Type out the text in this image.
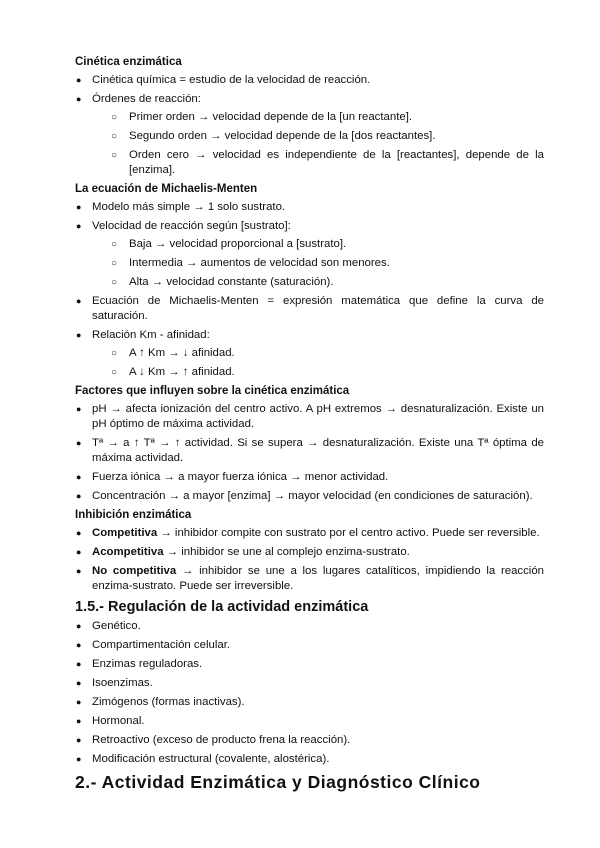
Cinética enzimática

● Cinética química = estudio de la velocidad de reacción.
● Órdenes de reacción:
○ Primer orden → velocidad depende de la [un reactante].
○ Segundo orden → velocidad depende de la [dos reactantes].
○ Orden cero → velocidad es independiente de la [reactantes], depende de la [enzima].

La ecuación de Michaelis-Menten

● Modelo más simple → 1 solo sustrato.
● Velocidad de reacción según [sustrato]:
○ Baja → velocidad proporcional a [sustrato].
○ Intermedia → aumentos de velocidad son menores.
○ Alta → velocidad constante (saturación).
● Ecuación de Michaelis-Menten = expresión matemática que define la curva de saturación.
● Relación Km - afinidad:
○ A ↑ Km → ↓ afinidad.
○ A ↓ Km → ↑ afinidad.

Factores que influyen sobre la cinética enzimática

● pH → afecta ionización del centro activo. A pH extremos → desnaturalización. Existe un pH óptimo de máxima actividad.
● Tª → a ↑ Tª → ↑ actividad. Si se supera → desnaturalización. Existe una Tª óptima de máxima actividad.
● Fuerza iónica → a mayor fuerza iónica → menor actividad.
● Concentración → a mayor [enzima] → mayor velocidad (en condiciones de saturación).

Inhibición enzimática

● Competitiva → inhibidor compite con sustrato por el centro activo. Puede ser reversible.
● Acompetitiva → inhibidor se une al complejo enzima-sustrato.
● No competitiva → inhibidor se une a los lugares catalíticos, impidiendo la reacción enzima-sustrato. Puede ser irreversible.

1.5.- Regulación de la actividad enzimática

● Genético.
● Compartimentación celular.
● Enzimas reguladoras.
● Isoenzimas.
● Zimógenos (formas inactivas).
● Hormonal.
● Retroactivo (exceso de producto frena la reacción).
● Modificación estructural (covalente, alostérica).

2.- Actividad Enzimática y Diagnóstico Clínico
